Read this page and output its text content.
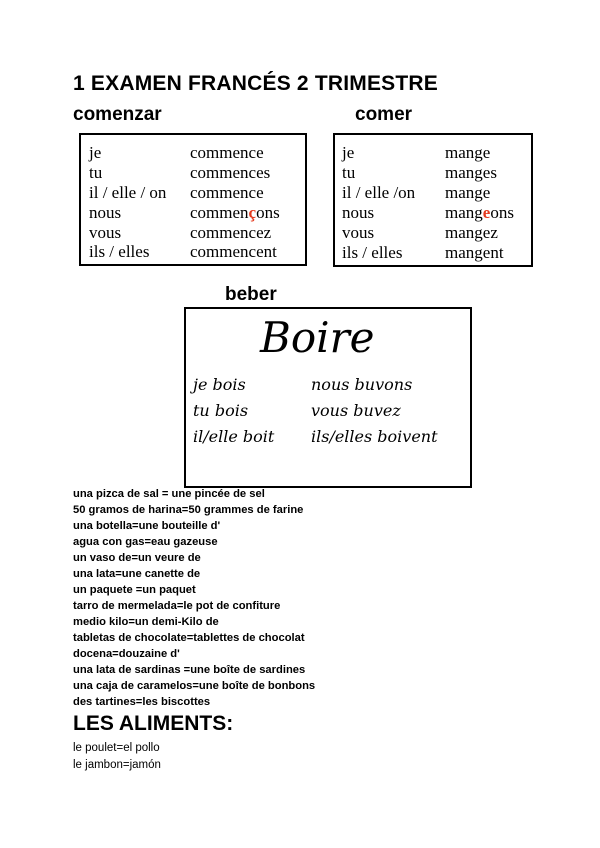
1 EXAMEN FRANCÉS 2 TRIMESTRE
comenzar
je	commence
tu	commences
il / elle / on commence
nous	commençons
vous	commencez
ils / elles commencent
comer
je	mange
tu	manges
il / elle /on mange
nous	mangeons
vous	mangez
ils / elles	mangent
beber
Boire
je bois	nous buvons
tu bois	vous buvez
il/elle boit ils/elles boivent
una pizca de sal = une pincée de sel
50 gramos de harina=50 grammes de farine
una botella=une bouteille d'
agua con gas=eau gazeuse
un vaso de=un veure de
una lata=une canette de
un paquete =un paquet
tarro de mermelada=le pot de confiture
medio kilo=un demi-Kilo de
tabletas de chocolate=tablettes de chocolat
docena=douzaine d'
una lata de sardinas =une boîte de sardines
una caja de caramelos=une boîte de bonbons
des tartines=les biscottes
LES ALIMENTS:
le poulet=el pollo
le jambon=jamón
